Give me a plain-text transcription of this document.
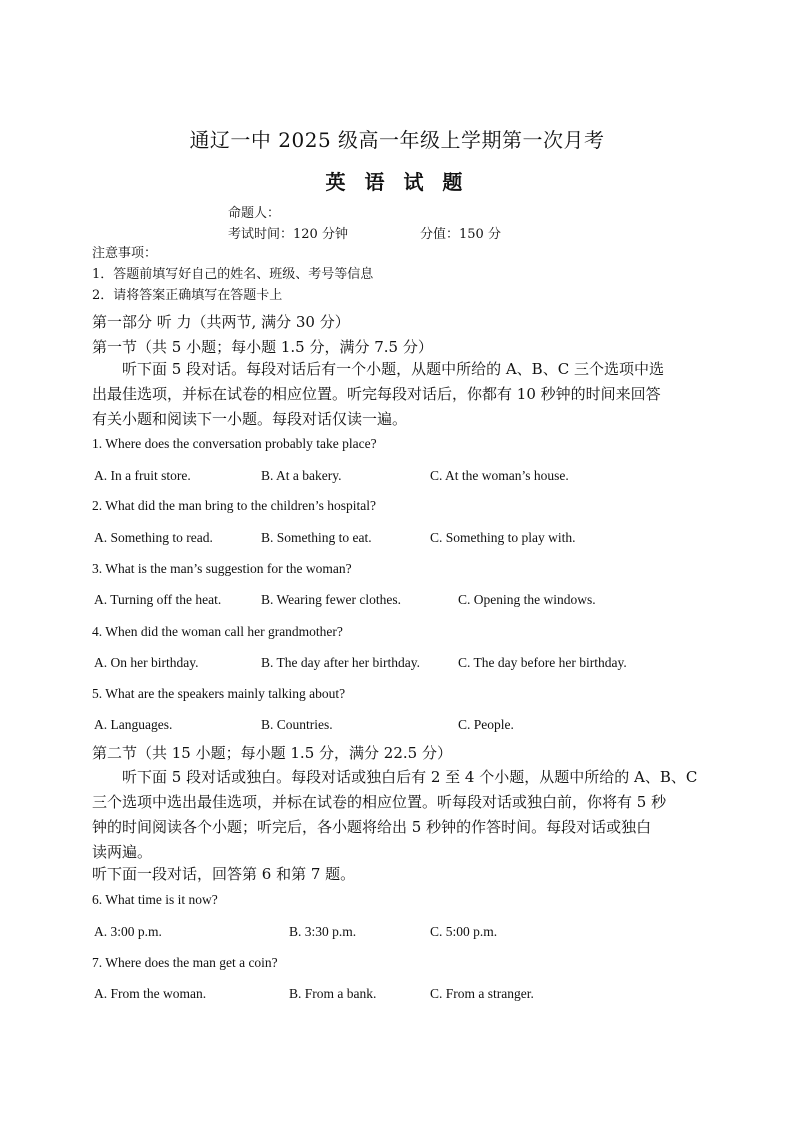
通辽一中 2025 级高一年级上学期第一次月考
英 语 试 题
命题人：
考试时间：120 分钟	分值：150 分
注意事项：
1．答题前填写好自己的姓名、班级、考号等信息
2．请将答案正确填写在答题卡上
第一部分 听 力（共两节, 满分 30 分）
第一节（共 5 小题；每小题 1.5 分，满分 7.5 分）
听下面 5 段对话。每段对话后有一个小题，从题中所给的 A、B、C 三个选项中选
出最佳选项，并标在试卷的相应位置。听完每段对话后，你都有 10 秒钟的时间来回答
有关小题和阅读下一小题。每段对话仅读一遍。
1. Where does the conversation probably take place?
A. In a fruit store.	B. At a bakery.	C. At the woman’s house.
2. What did the man bring to the children’s hospital?
A. Something to read.	B. Something to eat.	C. Something to play with.
3. What is the man’s suggestion for the woman?
A. Turning off the heat.	B. Wearing fewer clothes.	C. Opening the windows.
4. When did the woman call her grandmother?
A. On her birthday.	B. The day after her birthday.	C. The day before her birthday.
5. What are the speakers mainly talking about?
A. Languages.	B. Countries.	C. People.
第二节（共 15 小题；每小题 1.5 分，满分 22.5 分）
听下面 5 段对话或独白。每段对话或独白后有 2 至 4 个小题，从题中所给的 A、B、C
三个选项中选出最佳选项，并标在试卷的相应位置。听每段对话或独白前，你将有 5 秒
钟的时间阅读各个小题；听完后，各小题将给出 5 秒钟的作答时间。每段对话或独白
读两遍。
听下面一段对话，回答第 6 和第 7 题。
6. What time is it now?
A. 3:00 p.m.	B. 3:30 p.m.	C. 5:00 p.m.
7. Where does the man get a coin?
A. From the woman.	B. From a bank.	C. From a stranger.
